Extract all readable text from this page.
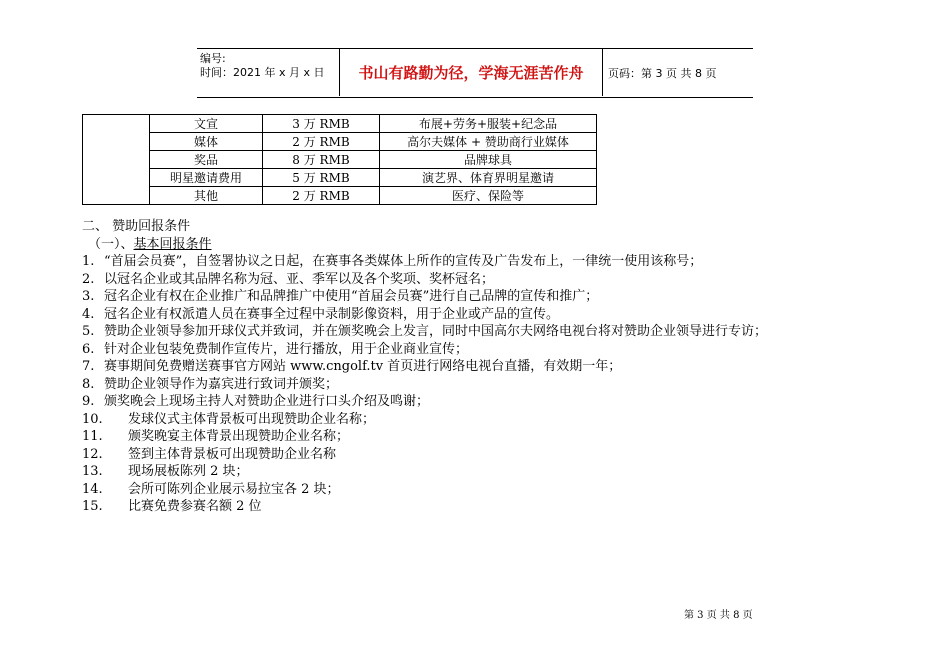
编号:
时间：2021 年 x 月 x 日	书山有路勤为径，学海无涯苦作舟	页码：第 3 页 共 8 页
	文宣	3 万 RMB	布展+劳务+服装+纪念品
	媒体	2 万 RMB	高尔夫媒体 + 赞助商行业媒体
	奖品	8 万 RMB	品牌球具
	明星邀请费用	5 万 RMB	演艺界、体育界明星邀请
	其他	2 万 RMB	医疗、保险等
二、 赞助回报条件
（一）、基本回报条件
1. “首届会员赛”，自签署协议之日起，在赛事各类媒体上所作的宣传及广告发布上，一律统一使用该称号；
2. 以冠名企业或其品牌名称为冠、亚、季军以及各个奖项、奖杯冠名；
3. 冠名企业有权在企业推广和品牌推广中使用“首届会员赛”进行自己品牌的宣传和推广；
4. 冠名企业有权派遣人员在赛事全过程中录制影像资料，用于企业或产品的宣传。
5. 赞助企业领导参加开球仪式并致词，并在颁奖晚会上发言，同时中国高尔夫网络电视台将对赞助企业领导进行专访；
6. 针对企业包装免费制作宣传片，进行播放，用于企业商业宣传；
7. 赛事期间免费赠送赛事官方网站 www.cngolf.tv 首页进行网络电视台直播，有效期一年；
8. 赞助企业领导作为嘉宾进行致词并颁奖；
9. 颁奖晚会上现场主持人对赞助企业进行口头介绍及鸣谢；
10.	发球仪式主体背景板可出现赞助企业名称；
11.	颁奖晚宴主体背景出现赞助企业名称；
12.	签到主体背景板可出现赞助企业名称
13.	现场展板陈列 2 块；
14.	会所可陈列企业展示易拉宝各 2 块；
15.	比赛免费参赛名额 2 位
第 3 页 共 8 页
